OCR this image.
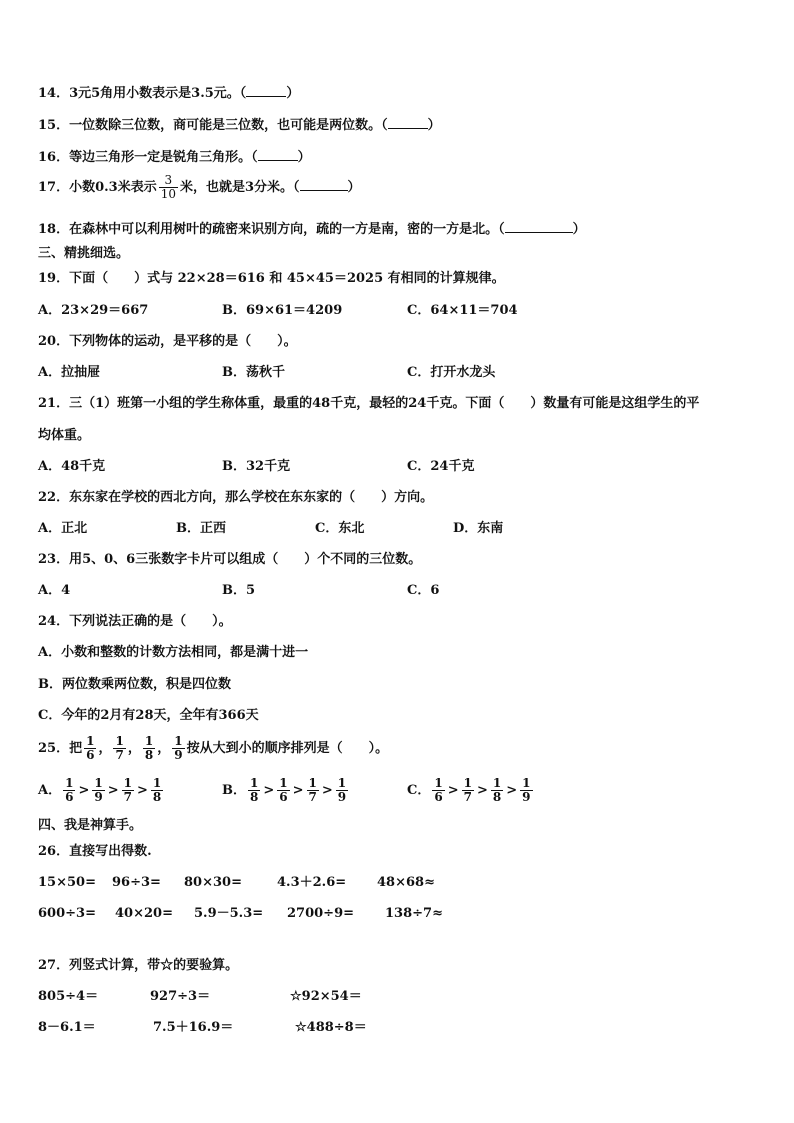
14．3元5角用小数表示是3.5元。（	）
15．一位数除三位数，商可能是三位数，也可能是两位数。（	）
16．等边三角形一定是锐角三角形。（	）
17．小数0.3米表示 $\frac{3}{10}$ 米，也就是3分米。（	）
18．在森林中可以利用树叶的疏密来识别方向，疏的一方是南，密的一方是北。（	）
三、精挑细选。
19．下面（　　）式与 22×28＝616 和 45×45＝2025 有相同的计算规律。
A．23×29＝667	B．69×61＝4209	C．64×11＝704
20．下列物体的运动，是平移的是（　　）。
A．拉抽屉	B．荡秋千	C．打开水龙头
21．三（1）班第一小组的学生称体重，最重的48千克，最轻的24千克。下面（　　）数量有可能是这组学生的平
均体重。
A．48千克	B．32千克	C．24千克
22．东东家在学校的西北方向，那么学校在东东家的（　　）方向。
A．正北	B．正西	C．东北	D．东南
23．用5、0、6三张数字卡片可以组成（　　）个不同的三位数。
A．4	B．5	C．6
24．下列说法正确的是（　　）。
A．小数和整数的计数方法相同，都是满十进一
B．两位数乘两位数，积是四位数
C．今年的2月有28天，全年有366天
25．把 $\frac{1}{6}$ ， $\frac{1}{7}$ ， $\frac{1}{8}$ ， $\frac{1}{9}$ 按从大到小的顺序排列是（　　）。
A． $\frac{1}{6} > \frac{1}{9} > \frac{1}{7} > \frac{1}{8}$	B． $\frac{1}{8} > \frac{1}{6} > \frac{1}{7} > \frac{1}{9}$	C． $\frac{1}{6} > \frac{1}{7} > \frac{1}{8} > \frac{1}{9}$
四、我是神算手。
26．直接写出得数.
15×50= 96÷3= 80×30=	4.3＋2.6= 48×68≈
600÷3= 40×20= 5.9－5.3= 2700÷9= 138÷7≈
27．列竖式计算，带☆的要验算。
805÷4＝	927÷3＝	☆92×54＝
8－6.1＝	7.5＋16.9＝	☆488÷8＝
